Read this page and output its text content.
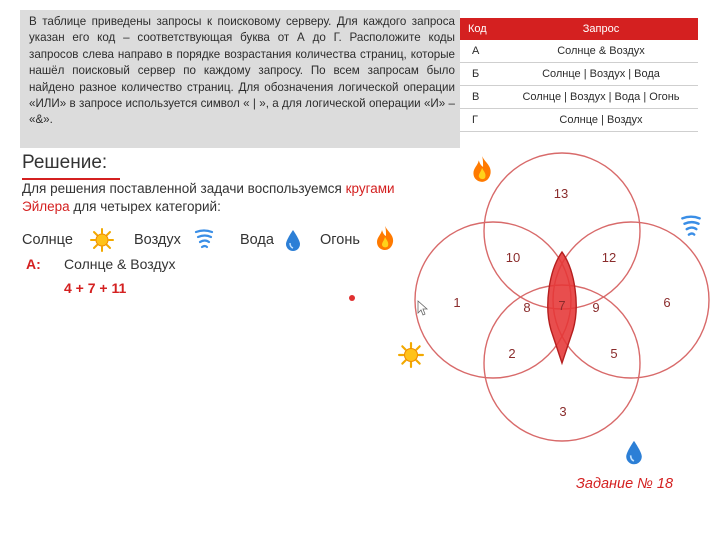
В таблице приведены запросы к поисковому серверу. Для каждого запроса указан его код – соответствующая буква от А до Г. Расположите коды запросов слева направо в порядке возрастания количества страниц, которые нашёл поисковый сервер по каждому запросу. По всем запросам было найдено разное количество страниц. Для обозначения логической операции «ИЛИ» в запросе используется символ « | », а для логической операции «И» – «&».

Код	Запрос
А	Солнце & Воздух
Б	Солнце | Воздух | Вода
В	Солнце | Воздух | Вода | Огонь
Г	Солнце | Воздух
Решение:
Для решения поставленной задачи воспользуемся кругами Эйлера для четырех категорий:
Солнце	Воздух	Вода	Огонь
А: Солнце & Воздух
4 + 7 + 11
13
10	12
1	8 7 9	6
2	5
3
Задание № 18
